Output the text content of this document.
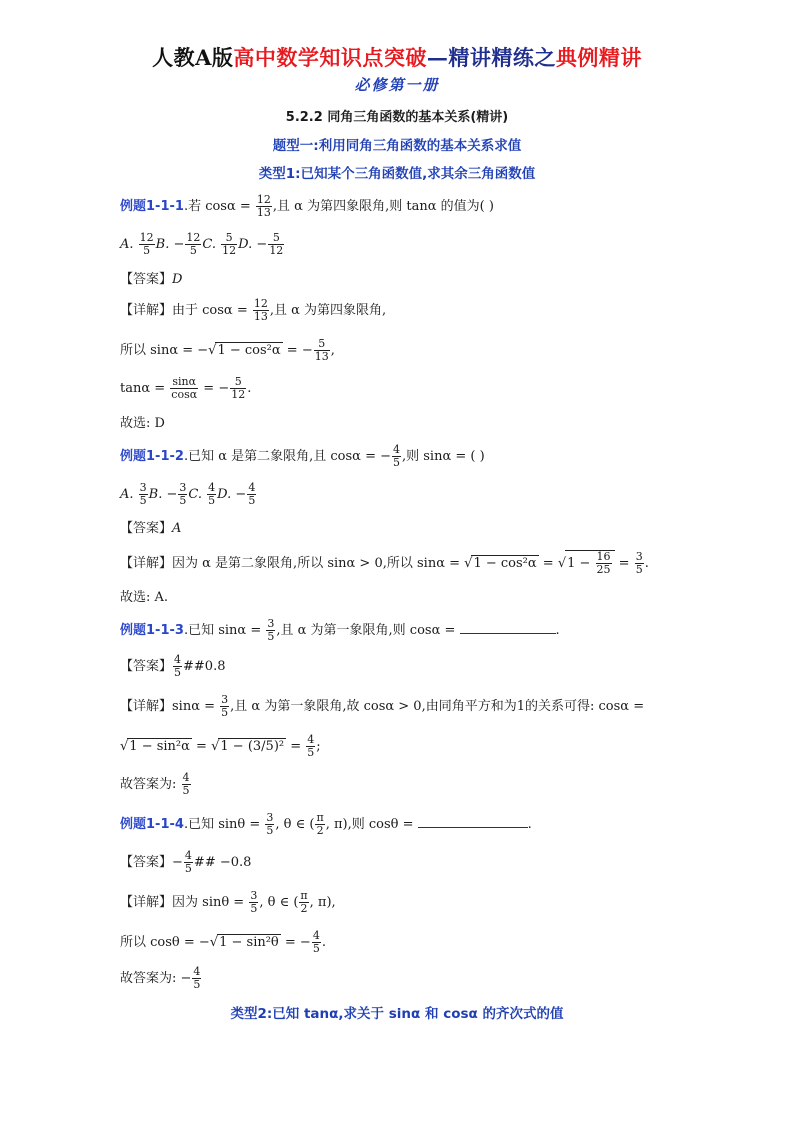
人教A版高中数学知识点突破—精讲精练之典例精讲
必修第一册
5.2.2 同角三角函数的基本关系(精讲)
题型一:利用同角三角函数的基本关系求值
类型1:已知某个三角函数值,求其余三角函数值
例题1-1-1.若 $\cos\alpha = \frac{12}{13}$ ,且 α 为第四象限角,则 tanα 的值为( )
A. $\frac{12}{5} B$. − $\frac{12}{5} C$. $\frac{5}{12} D$. − $\frac{5}{12}$
【答案】D
【详解】由于 $\cos\alpha = \frac{12}{13}$ ,且 α 为第四象限角,
所以 sinα = −√1 − cos²α = − $\frac{5}{13}$ ,
$\tan\alpha = \frac{\sin\alpha}{\cos\alpha}$ = − $\frac{5}{12}$ .
故选: D
例题1-1-2.已知 α 是第二象限角,且 cosα = − $\frac{4}{5}$ ,则 sinα = ( )
A. $\frac{3}{5} B$. − $\frac{3}{5} C$. $\frac{4}{5} D$. − $\frac{4}{5}$
【答案】A
【详解】因为 α 是第二象限角,所以 sinα > 0,所以 $\sin\alpha = √1 - \cos^2\alpha = √1 - \frac{16}{25} = \frac{3}{5}$ .
故选: A.
例题1-1-3.已知 $\sin\alpha = \frac{3}{5}$ ,且 α 为第一象限角,则 cosα =	.
【答案】 $\frac{4}{5}$ ##0.8
【详解】$\sin\alpha = \frac{3}{5}$ ,且 α 为第一象限角,故 cosα > 0,由同角平方和为1的关系可得: cosα =
$√1 - \sin^2\alpha = √1 - (3/5)^2 = \frac{4}{5}$ ;
故答案为: $\frac{4}{5}$
例题1-1-4.已知 $\sin\theta = \frac{3}{5}$ , θ ∈ ( $\frac{\pi}{2}$ , π),则 cosθ =	.
【答案】− $\frac{4}{5}$ ## −0.8
【详解】因为 $\sin\theta = \frac{3}{5}$ , θ ∈ ( $\frac{\pi}{2}$ , π),
所以 cosθ = −√1 − sin²θ = − $\frac{4}{5}$ .
故答案为: − $\frac{4}{5}$
类型2:已知 tanα,求关于 sinα 和 cosα 的齐次式的值
